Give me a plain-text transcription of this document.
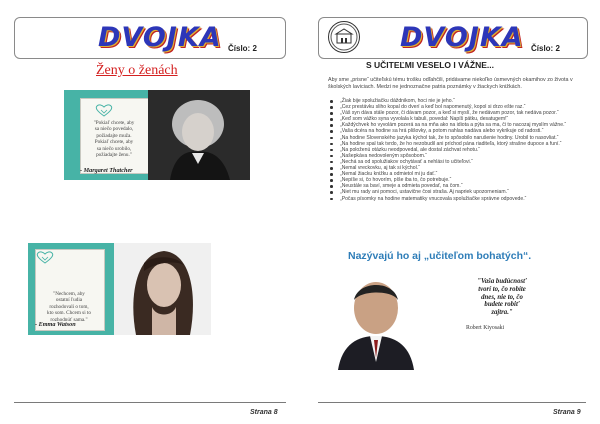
DVOJKA Číslo: 2
Ženy o ženách
"Pokiaľ chcete, aby
sa niečo povedalo,
požiadajte muža.
Pokiaľ chcete, aby
sa niečo urobilo,
požiadajte ženu."
- Margaret Thatcher
"Nechcem, aby
ostatní ľudia
rozhodovali o tom,
kto som. Chcem si to
rozhodnúť sama."
- Emma Watson
Strana 8
DVOJKA Číslo: 2
S UČITEĽMI VESELO I VÁŽNE...
Aby sme „prisne“ učiteľskú tému trošku odľahčili, pridávame niekoľko úsmevných okamihov zo života v školských laviciach. Medzi ne jednoznačne patria poznámky v žiackych knižkách.
„Žiak bije spolužiačku dáždnikom, hoci nie je jeho.“
„Cez prestávku sliho kopal do dverí a keď bol napomenutý, kopol si drzo ešte raz.“
„Váš syn dáva stále pozor, či dávam pozor, a keď si myslí, že nedávam pozor, tak nedáva pozor.“
„Keď som vážko syna vyvolala k tabuli, povedal: Napíš pätku, desatugem!“
„Každýchvek ho vyvolám pozerá sa na mňa ako na idiota a pýta sa ma, či to nacozaj myslím vážne.“
„Vaša dcéra na hodine sa hrá plišovky, a potom nahlas nadáva alebo vykrikuje od radosti.“
„Na hodine Slovenského jazyka kýchol tak, že to spôsobilo narušenie hodiny. Urobil to nasovliat.“
„Na hodine spal tak tvrdo, že ho nezobudil ani príchod pána riaditeľa, ktorý strašne dupoce a funí.“
„Na položenú otázku neodpovedal, ale dostal záchvat rehotu.“
„Našepkáva nedovoleným spôsobom.“
„Nechá sa od spolužiakov ochytávať a nehlási to učiteľovi.“
„Nemal vreckovku, aj tak si kýchol.“
„Nemal žiacku knižku a odmietol mi ju dať.“
„Nepíše si, čo hovorím, píše iba to, čo potrebuje.“
„Neustále sa baví, smeje a odmieta povedať, na čom.“
„Niet mu rady ani pomoci, ustavične čosi straša. Aj napriek upozorneniam.“
„Počas písomky na hodine matematiky vnucovala spolužiačke správne odpovede.“
Nazývajú ho aj „učiteľom bohatých“.
"Vaša budúcnosť
tvorí to, čo robíte
dnes, nie to, čo
budete robiť
zajtra."
Robert Kiyosaki
Strana 9
